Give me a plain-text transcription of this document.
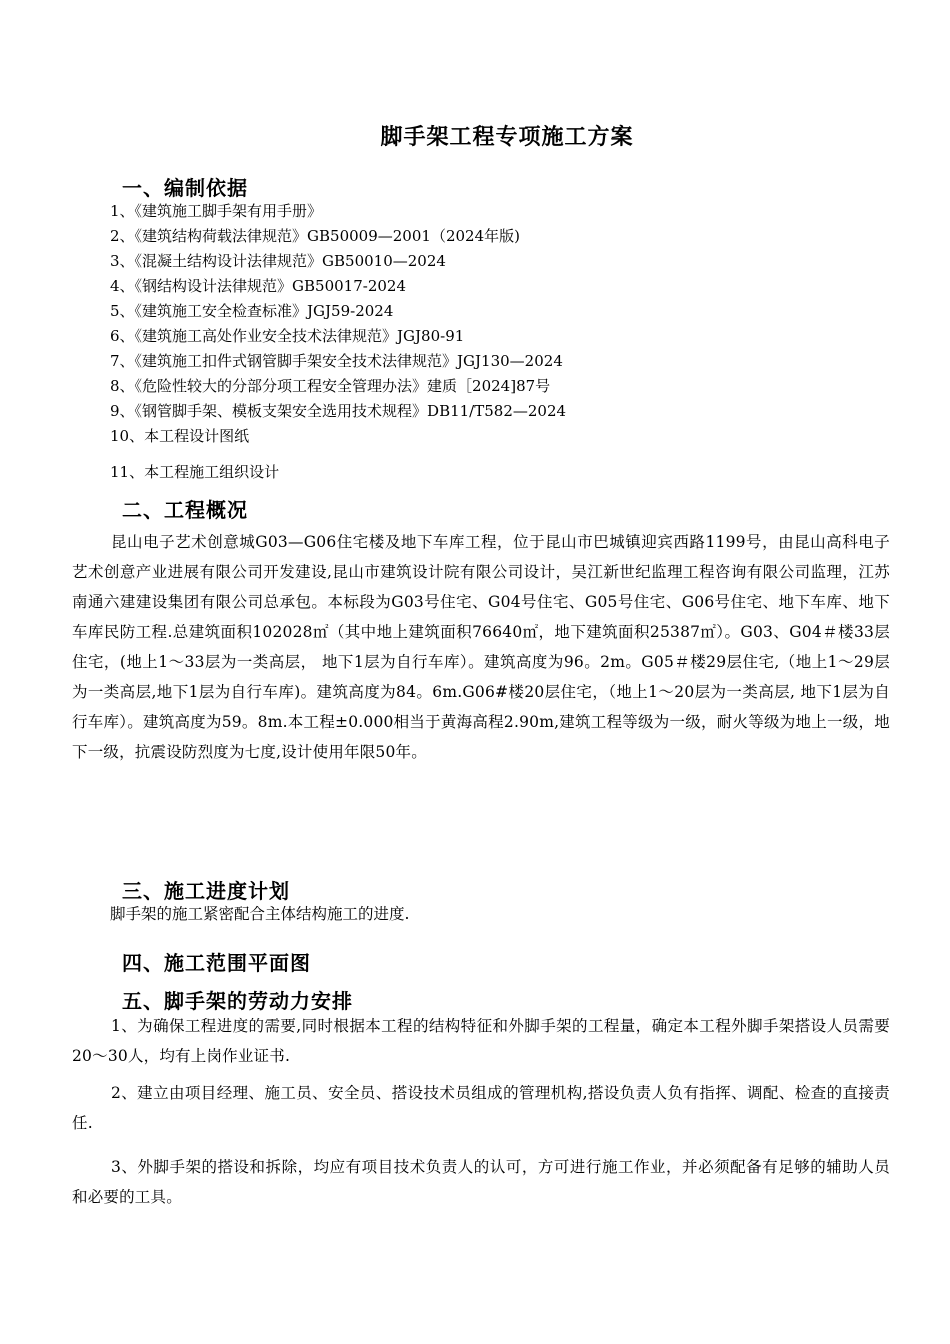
脚手架工程专项施工方案
一、编制依据
1、《建筑施工脚手架有用手册》
2、《建筑结构荷载法律规范》GB50009—2001（2024年版)
3、《混凝土结构设计法律规范》GB50010—2024
4、《钢结构设计法律规范》GB50017-2024
5、《建筑施工安全检查标准》JGJ59-2024
6、《建筑施工高处作业安全技术法律规范》JGJ80-91
7、《建筑施工扣件式钢管脚手架安全技术法律规范》JGJ130—2024
8、《危险性较大的分部分项工程安全管理办法》建质［2024]87号
9、《钢管脚手架、模板支架安全选用技术规程》DB11/T582—2024
10、本工程设计图纸
11、本工程施工组织设计
二、工程概况

昆山电子艺术创意城G03—G06住宅楼及地下车库工程，位于昆山市巴城镇迎宾西路1199号，由昆山高科电子艺术创意产业进展有限公司开发建设,昆山市建筑设计院有限公司设计，吴江新世纪监理工程咨询有限公司监理，江苏南通六建建设集团有限公司总承包。本标段为G03号住宅、G04号住宅、G05号住宅、G06号住宅、地下车库、地下车库民防工程.总建筑面积102028㎡（其中地上建筑面积76640㎡，地下建筑面积25387㎡）。G03、G04＃楼33层住宅，(地上1～33层为一类高层， 地下1层为自行车库）。建筑高度为96。2m。G05＃楼29层住宅,（地上1～29层为一类高层,地下1层为自行车库)。建筑高度为84。6m.G06#楼20层住宅，（地上1～20层为一类高层, 地下1层为自行车库）。建筑高度为59。8m.本工程±0.000相当于黄海高程2.90m,建筑工程等级为一级，耐火等级为地上一级，地下一级，抗震设防烈度为七度,设计使用年限50年。

三、施工进度计划

脚手架的施工紧密配合主体结构施工的进度.

四、施工范围平面图
五、脚手架的劳动力安排

1、为确保工程进度的需要,同时根据本工程的结构特征和外脚手架的工程量，确定本工程外脚手架搭设人员需要20～30人，均有上岗作业证书.

2、建立由项目经理、施工员、安全员、搭设技术员组成的管理机构,搭设负责人负有指挥、调配、检查的直接责任.

3、外脚手架的搭设和拆除，均应有项目技术负责人的认可，方可进行施工作业，并必须配备有足够的辅助人员和必要的工具。
